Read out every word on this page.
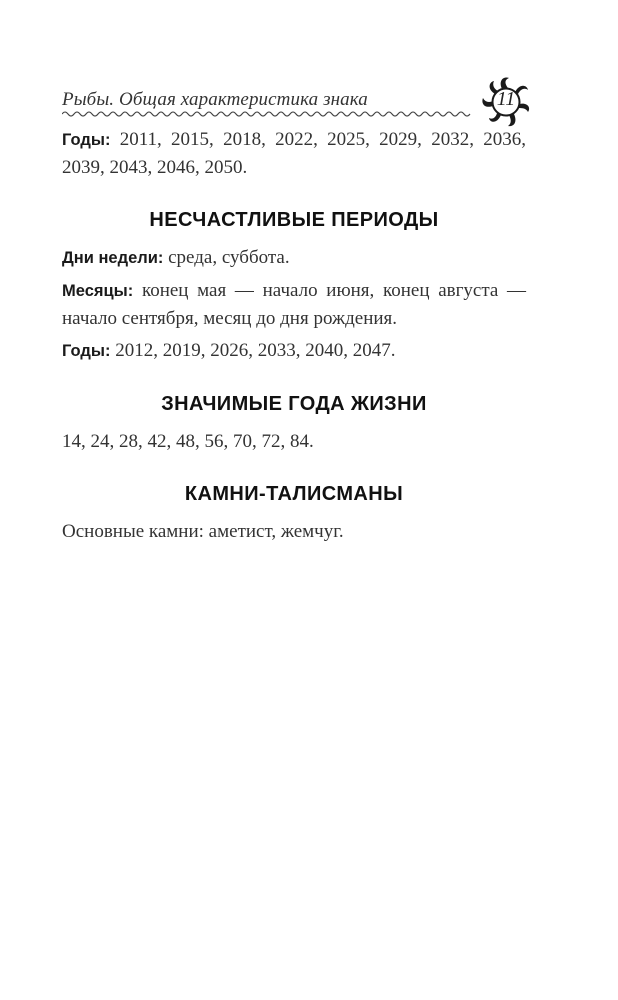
Рыбы. Общая характеристика знака	11

Годы: 2011, 2015, 2018, 2022, 2025, 2029, 2032, 2036, 2039, 2043, 2046, 2050.

НЕСЧАСТЛИВЫЕ ПЕРИОДЫ

Дни недели: среда, суббота.

Месяцы: конец мая — начало июня, конец августа — начало сентября, месяц до дня рождения.

Годы: 2012, 2019, 2026, 2033, 2040, 2047.

ЗНАЧИМЫЕ ГОДА ЖИЗНИ

14, 24, 28, 42, 48, 56, 70, 72, 84.

КАМНИ-ТАЛИСМАНЫ

Основные камни: аметист, жемчуг.
